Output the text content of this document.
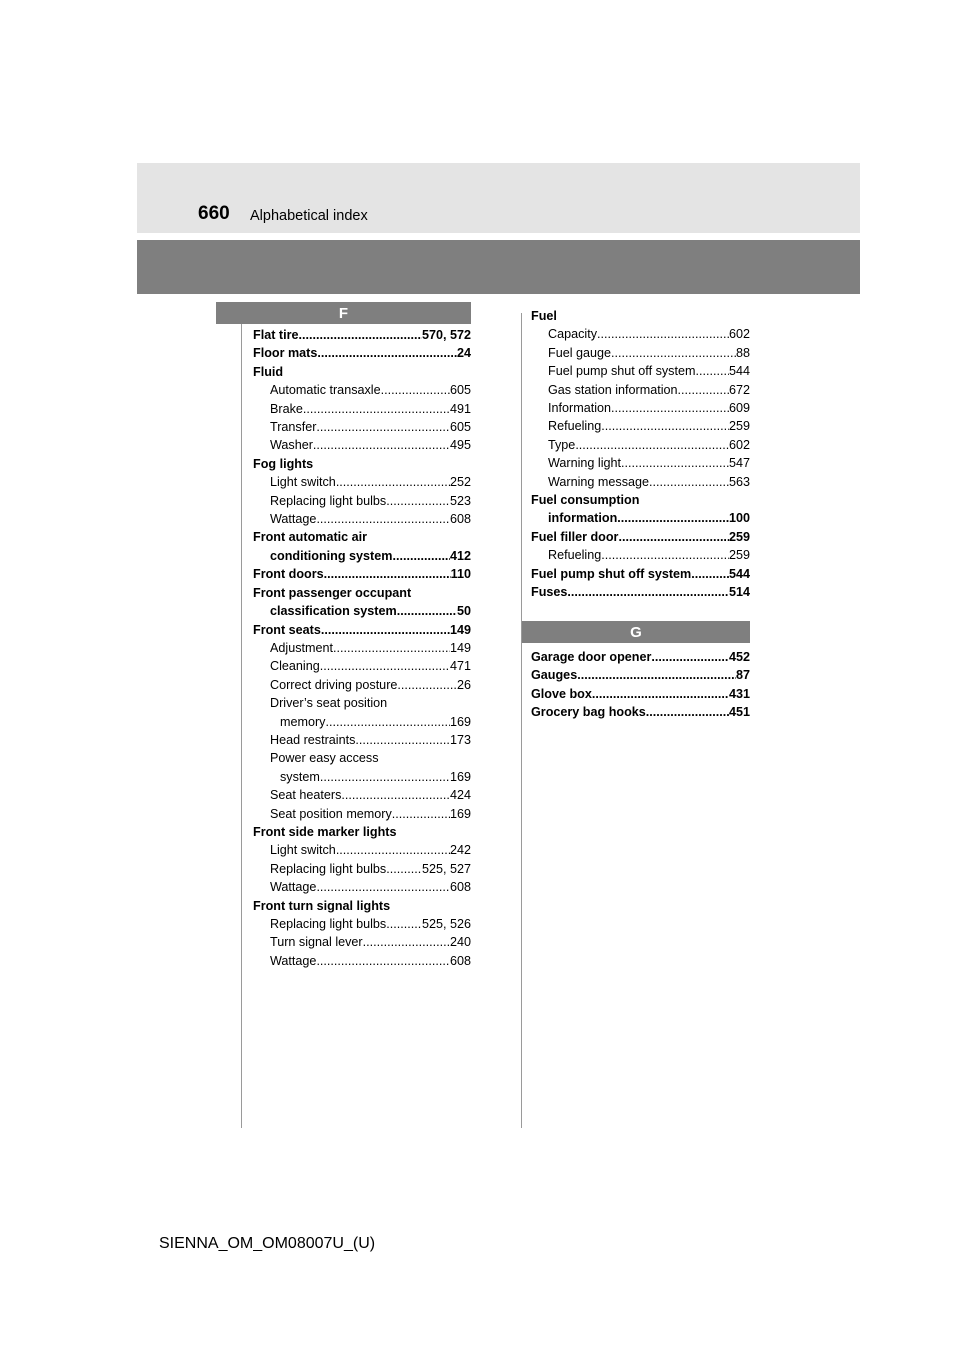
660 Alphabetical index
F
G
Flat tire .....	570, 572
Floor mats .....	24
Fluid
Automatic transaxle .....	605
Brake .....	491
Transfer .....	605
Washer .....	495
Fog lights
Light switch .....	252
Replacing light bulbs .....	523
Wattage .....	608
Front automatic air
conditioning system .....	412
Front doors .....	110
Front passenger occupant
classification system .....	50
Front seats .....	149
Adjustment .....	149
Cleaning .....	471
Correct driving posture .....	26
Driver’s seat position
memory .....	169
Head restraints .....	173
Power easy access
system .....	169
Seat heaters .....	424
Seat position memory .....	169
Front side marker lights
Light switch .....	242
Replacing light bulbs .....	525, 527
Wattage .....	608
Front turn signal lights
Replacing light bulbs .....	525, 526
Turn signal lever .....	240
Wattage .....	608
Fuel
Capacity .....	602
Fuel gauge .....	88
Fuel pump shut off system .....	544
Gas station information .....	672
Information .....	609
Refueling .....	259
Type .....	602
Warning light .....	547
Warning message .....	563
Fuel consumption
information .....	100
Fuel filler door .....	259
Refueling .....	259
Fuel pump shut off system .....	544
Fuses .....	514
Garage door opener .....	452
Gauges .....	87
Glove box .....	431
Grocery bag hooks .....	451
SIENNA_OM_OM08007U_(U)
